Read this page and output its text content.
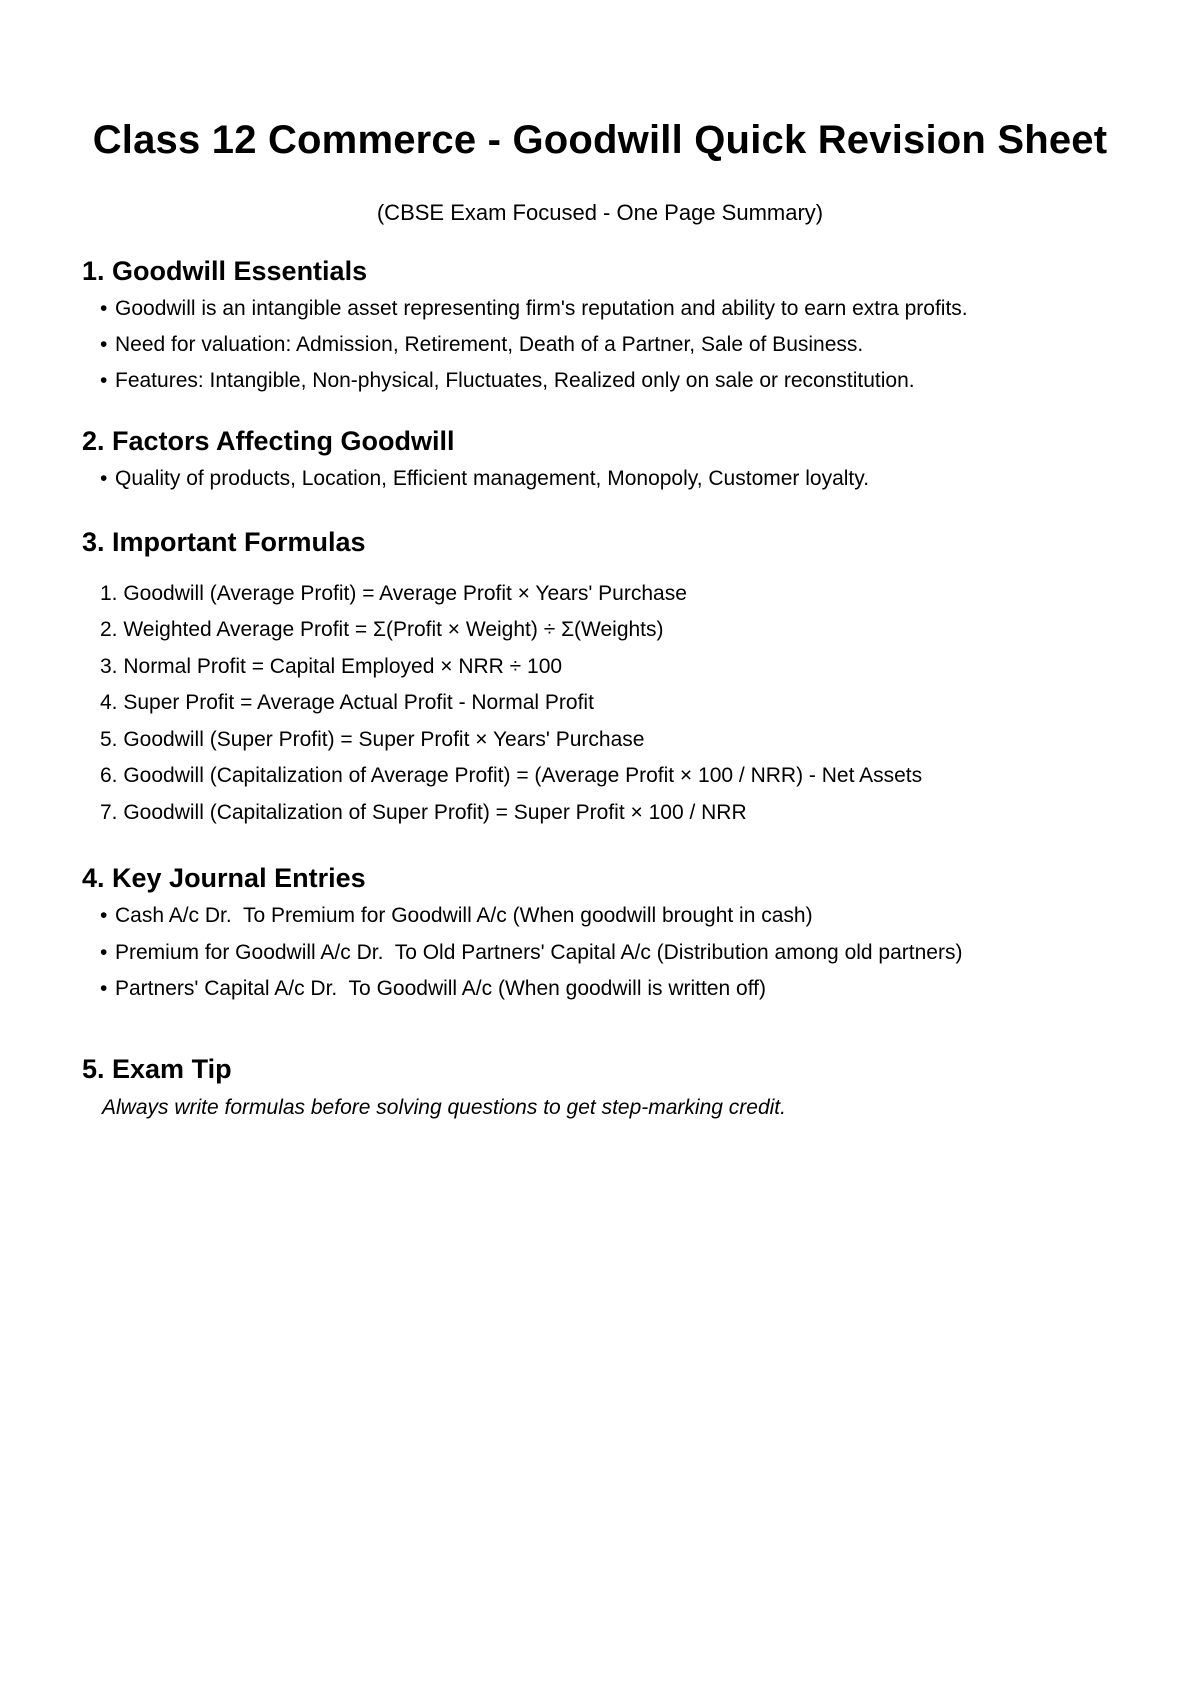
Class 12 Commerce - Goodwill Quick Revision Sheet

(CBSE Exam Focused - One Page Summary)

1. Goodwill Essentials

• Goodwill is an intangible asset representing firm's reputation and ability to earn extra profits.

• Need for valuation: Admission, Retirement, Death of a Partner, Sale of Business.

• Features: Intangible, Non-physical, Fluctuates, Realized only on sale or reconstitution.

2. Factors Affecting Goodwill

• Quality of products, Location, Efficient management, Monopoly, Customer loyalty.

3. Important Formulas

1. Goodwill (Average Profit) = Average Profit × Years' Purchase

2. Weighted Average Profit = Σ(Profit × Weight) ÷ Σ(Weights)

3. Normal Profit = Capital Employed × NRR ÷ 100

4. Super Profit = Average Actual Profit - Normal Profit

5. Goodwill (Super Profit) = Super Profit × Years' Purchase

6. Goodwill (Capitalization of Average Profit) = (Average Profit × 100 / NRR) - Net Assets

7. Goodwill (Capitalization of Super Profit) = Super Profit × 100 / NRR

4. Key Journal Entries

• Cash A/c Dr.  To Premium for Goodwill A/c (When goodwill brought in cash)

• Premium for Goodwill A/c Dr.  To Old Partners' Capital A/c (Distribution among old partners)

• Partners' Capital A/c Dr.  To Goodwill A/c (When goodwill is written off)

5. Exam Tip

Always write formulas before solving questions to get step-marking credit.
